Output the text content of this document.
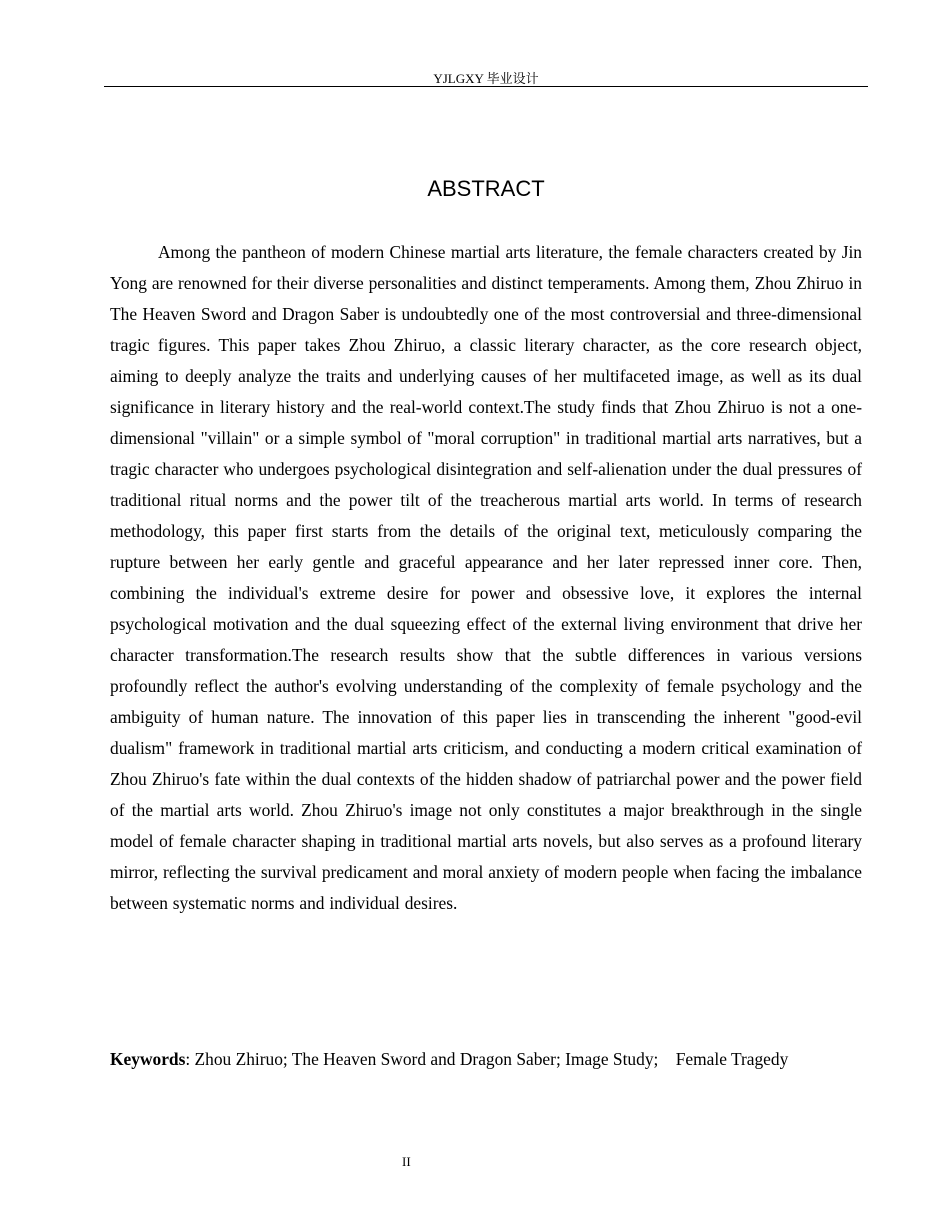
YJLGXY 毕业设计
ABSTRACT

Among the pantheon of modern Chinese martial arts literature, the female characters created by Jin Yong are renowned for their diverse personalities and distinct temperaments. Among them, Zhou Zhiruo in The Heaven Sword and Dragon Saber is undoubtedly one of the most controversial and three-dimensional tragic figures. This paper takes Zhou Zhiruo, a classic literary character, as the core research object, aiming to deeply analyze the traits and underlying causes of her multifaceted image, as well as its dual significance in literary history and the real-world context.The study finds that Zhou Zhiruo is not a one-dimensional "villain" or a simple symbol of "moral corruption" in traditional martial arts narratives, but a tragic character who undergoes psychological disintegration and self-alienation under the dual pressures of traditional ritual norms and the power tilt of the treacherous martial arts world. In terms of research methodology, this paper first starts from the details of the original text, meticulously comparing the rupture between her early gentle and graceful appearance and her later repressed inner core. Then, combining the individual's extreme desire for power and obsessive love, it explores the internal psychological motivation and the dual squeezing effect of the external living environment that drive her character transformation.The research results show that the subtle differences in various versions profoundly reflect the author's evolving understanding of the complexity of female psychology and the ambiguity of human nature. The innovation of this paper lies in transcending the inherent "good-evil dualism" framework in traditional martial arts criticism, and conducting a modern critical examination of Zhou Zhiruo's fate within the dual contexts of the hidden shadow of patriarchal power and the power field of the martial arts world. Zhou Zhiruo's image not only constitutes a major breakthrough in the single model of female character shaping in traditional martial arts novels, but also serves as a profound literary mirror, reflecting the survival predicament and moral anxiety of modern people when facing the imbalance between systematic norms and individual desires.

Keywords: Zhou Zhiruo; The Heaven Sword and Dragon Saber; Image Study;    Female Tragedy

II
